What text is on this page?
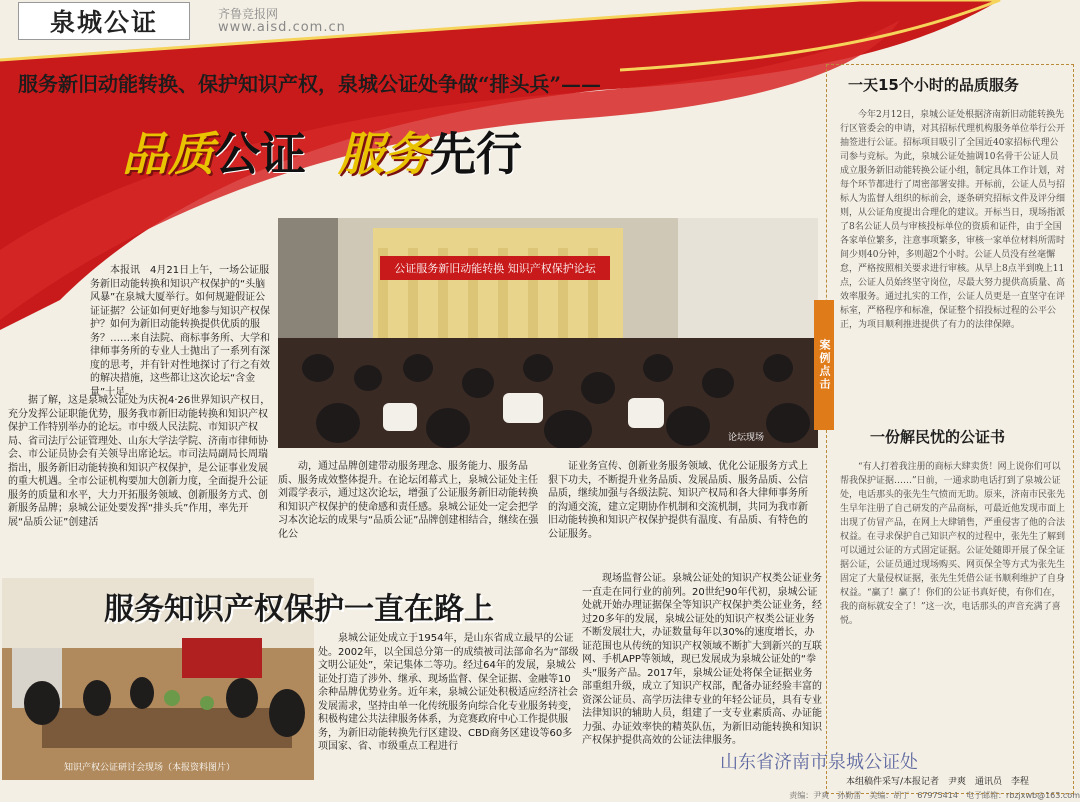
泉城公证	齐鲁竞报网
www.aisd.com.cn
服务新旧动能转换、保护知识产权，泉城公证处争做“排头兵”——
品质公证 服务先行
公证服务新旧动能转换 知识产权保护论坛
论坛现场

本报讯　4月21日上午，一场公证服务新旧动能转换和知识产权保护的“头脑风暴”在泉城大厦举行。如何规避假证公证证据？公证如何更好地参与知识产权保护？如何为新旧动能转换提供优质的服务？……来自法院、商标事务所、大学和律师事务所的专业人士抛出了一系列有深度的思考，并有针对性地探讨了行之有效的解决措施，这些都让这次论坛“含金量”十足。

据了解，这是泉城公证处为庆祝4·26世界知识产权日，充分发挥公证职能优势，服务我市新旧动能转换和知识产权保护工作特别举办的论坛。市中级人民法院、市知识产权局、省司法厅公证管理处、山东大学法学院、济南市律师协会、市公证员协会有关领导出席论坛。市司法局副局长周瑞指出，服务新旧动能转换和知识产权保护，是公证事业发展的重大机遇。全市公证机构要加大创新力度，全面提升公证服务的质量和水平，大力开拓服务领域、创新服务方式、创新服务品牌；泉城公证处要发挥“排头兵”作用，率先开展“品质公证”创建活

动，通过品牌创建带动服务理念、服务能力、服务品质、服务成效整体提升。在论坛闭幕式上，泉城公证处主任刘霞学表示，通过这次论坛，增强了公证服务新旧动能转换和知识产权保护的使命感和责任感。泉城公证处一定会把学习本次论坛的成果与“品质公证”品牌创建相结合，继续在强化公

证业务宣传、创新业务服务领域、优化公证服务方式上狠下功夫，不断提升业务品质、发展品质、服务品质、公信品质，继续加强与各级法院、知识产权局和各大律师事务所的沟通交流，建立定期协作机制和交流机制，共同为我市新旧动能转换和知识产权保护提供有温度、有品质、有特色的公证服务。

案例点击
一天15个小时的品质服务

今年2月12日，泉城公证处根据济南新旧动能转换先行区管委会的申请，对其招标代理机构服务单位举行公开抽签进行公证。招标项目吸引了全国近40家招标代理公司参与竞标。为此，泉城公证处抽调10名骨干公证人员成立服务新旧动能转换公证小组，制定具体工作计划，对每个环节都进行了周密部署安排。开标前，公证人员与招标人为监督人组织的标前会，逐条研究招标文件及评分细则，从公证角度提出合理化的建议。开标当日，现场指派了8名公证人员与审核投标单位的资质和证件，由于全国各家单位繁多，注意事项繁多，审核一家单位材料所需时间少则40分钟，多则超2个小时。公证人员没有丝毫懈怠，严格按照相关要求进行审核。从早上8点半到晚上11点，公证人员始终坚守岗位，尽最大努力提供高质量、高效率服务。通过扎实的工作，公证人员更是一直坚守在评标室，严格程序和标准，保证整个招投标过程的公平公正，为项目顺利推进提供了有力的法律保障。

一份解民忧的公证书

“有人打着我注册的商标大肆卖货！网上说你们可以帮我保护证据……”日前，一通求助电话打到了泉城公证处，电话那头的张先生气愤而无助。原来，济南市民张先生早年注册了自己研发的产品商标，可最近他发现市面上出现了仿冒产品，在网上大肆销售，严重侵害了他的合法权益。在寻求保护自己知识产权的过程中，张先生了解到可以通过公证的方式固定证据。公证处随即开展了保全证据公证，公证员通过现场购买、网页保全等方式为张先生固定了大量侵权证据，张先生凭借公证书顺利维护了自身权益。“赢了！赢了！你们的公证书真好使，有你们在，我的商标就安全了！”这一次，电话那头的声音充满了喜悦。

知识产权公证研讨会现场（本报资料图片）
服务知识产权保护一直在路上

泉城公证处成立于1954年，是山东省成立最早的公证处。2002年，以全国总分第一的成绩被司法部命名为“部级文明公证处”，荣记集体二等功。经过64年的发展，泉城公证处打造了涉外、继承、现场监督、保全证据、金融等10余种品牌优势业务。近年来，泉城公证处积极适应经济社会发展需求，坚持由单一化传统服务向综合化专业服务转变，积极构建公共法律服务体系，为竞赛政府中心工作提供服务，为新旧动能转换先行区建设、CBD商务区建设等60多项国家、省、市级重点工程进行

现场监督公证。泉城公证处的知识产权类公证业务一直走在同行业的前列。20世纪90年代初，泉城公证处就开始办理证据保全等知识产权保护类公证业务，经过20多年的发展，泉城公证处的知识产权类公证业务不断发展壮大，办证数量每年以30%的速度增长，办证范围也从传统的知识产权领域不断扩大到新兴的互联网、手机APP等领域，现已发展成为泉城公证处的“拳头”服务产品。2017年，泉城公证处将保全证据业务部重组升级，成立了知识产权部，配备办证经验丰富的资深公证员、高学历法律专业的年轻公证员，具有专业法律知识的辅助人员，组建了一支专业素质高、办证能力强、办证效率快的精英队伍，为新旧动能转换和知识产权保护提供高效的公证法律服务。

山东省济南市泉城公证处
本组稿件采写/本报记者　尹爽　通讯员　李程
责编：尹爽　孙勤雷　美编：胡丁　67975414　电子邮箱：rbzjxwb@163.com
